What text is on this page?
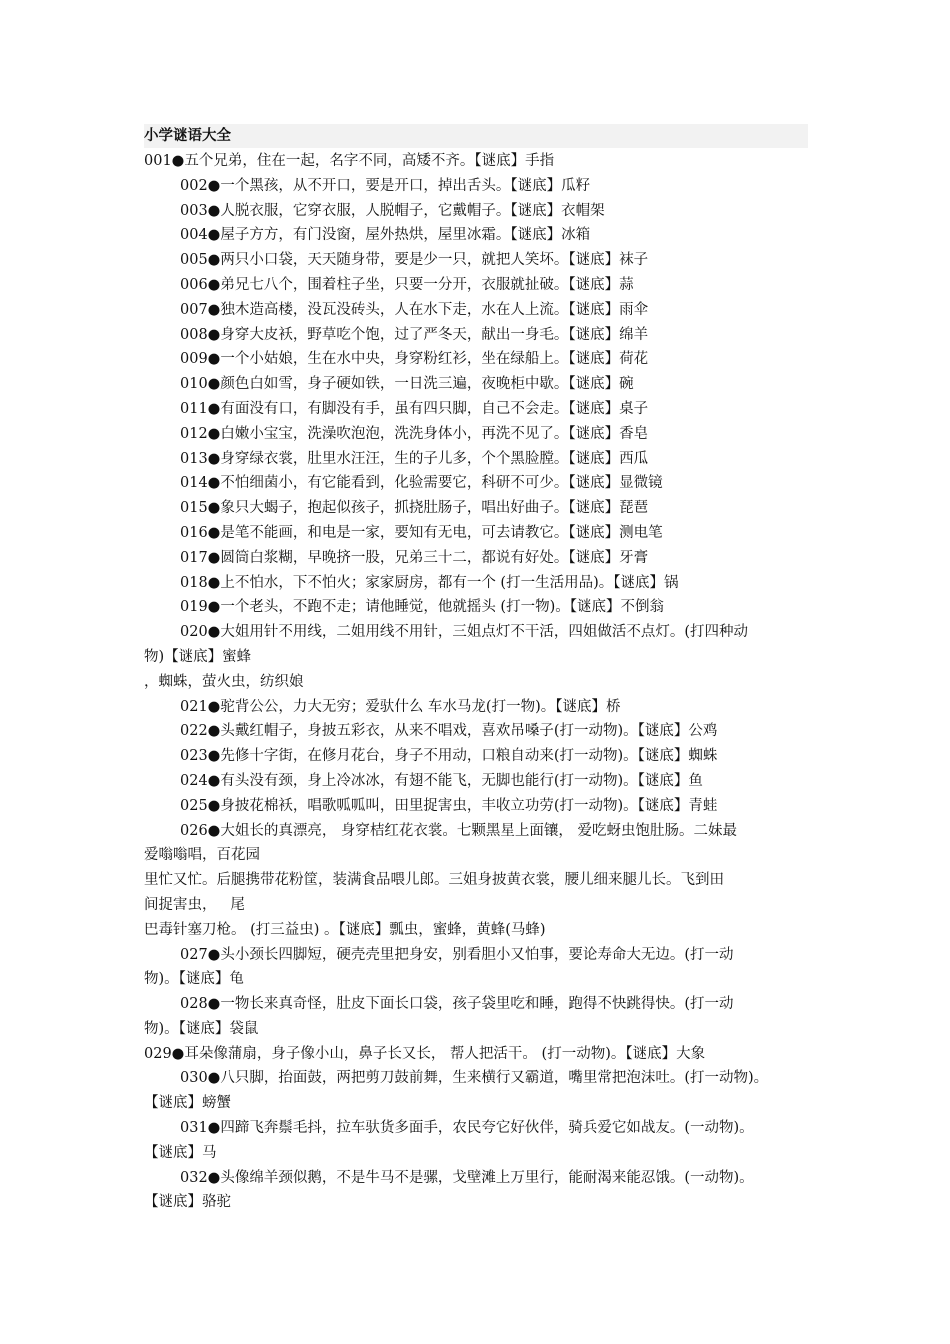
小学谜语大全
001●五个兄弟，住在一起，名字不同，高矮不齐。【谜底】手指
002●一个黑孩，从不开口，要是开口，掉出舌头。【谜底】瓜籽
003●人脱衣服，它穿衣服，人脱帽子，它戴帽子。【谜底】衣帽架
004●屋子方方，有门没窗，屋外热烘，屋里冰霜。【谜底】冰箱
005●两只小口袋，天天随身带，要是少一只，就把人笑坏。【谜底】袜子
006●弟兄七八个，围着柱子坐，只要一分开，衣服就扯破。【谜底】蒜
007●独木造高楼，没瓦没砖头，人在水下走，水在人上流。【谜底】雨伞
008●身穿大皮袄，野草吃个饱，过了严冬天，献出一身毛。【谜底】绵羊
009●一个小姑娘，生在水中央，身穿粉红衫，坐在绿船上。【谜底】荷花
010●颜色白如雪，身子硬如铁，一日洗三遍，夜晚柜中歇。【谜底】碗
011●有面没有口，有脚没有手，虽有四只脚，自己不会走。【谜底】桌子
012●白嫩小宝宝，洗澡吹泡泡，洗洗身体小，再洗不见了。【谜底】香皂
013●身穿绿衣裳，肚里水汪汪，生的子儿多，个个黑脸膛。【谜底】西瓜
014●不怕细菌小，有它能看到，化验需要它，科研不可少。【谜底】显微镜
015●象只大蝎子，抱起似孩子，抓挠肚肠子，唱出好曲子。【谜底】琵琶
016●是笔不能画，和电是一家，要知有无电，可去请教它。【谜底】测电笔
017●圆筒白浆糊，早晚挤一股，兄弟三十二，都说有好处。【谜底】牙膏
018●上不怕水，下不怕火；家家厨房，都有一个 (打一生活用品)。【谜底】锅
019●一个老头，不跑不走；请他睡觉，他就摇头 (打一物)。【谜底】不倒翁
020●大姐用针不用线，二姐用线不用针，三姐点灯不干活，四姐做活不点灯。(打四种动
物)【谜底】蜜蜂
，蜘蛛，萤火虫，纺织娘
021●驼背公公，力大无穷；爱驮什么 车水马龙(打一物)。【谜底】桥
022●头戴红帽子，身披五彩衣，从来不唱戏，喜欢吊嗓子(打一动物)。【谜底】公鸡
023●先修十字街，在修月花台，身子不用动，口粮自动来(打一动物)。【谜底】蜘蛛
024●有头没有颈，身上冷冰冰，有翅不能飞，无脚也能行(打一动物)。【谜底】鱼
025●身披花棉袄，唱歌呱呱叫，田里捉害虫，丰收立功劳(打一动物)。【谜底】青蛙
026●大姐长的真漂亮， 身穿桔红花衣裳。七颗黑星上面镶， 爱吃蚜虫饱肚肠。二妹最
爱嗡嗡唱，百花园
里忙又忙。后腿携带花粉筐，装满食品喂儿郎。三姐身披黄衣裳，腰儿细来腿儿长。飞到田
间捉害虫，   尾
巴毒针塞刀枪。 (打三益虫) 。【谜底】瓢虫，蜜蜂，黄蜂(马蜂)
027●头小颈长四脚短，硬壳壳里把身安，别看胆小又怕事，要论寿命大无边。(打一动
物)。【谜底】龟
028●一物长来真奇怪，肚皮下面长口袋，孩子袋里吃和睡，跑得不快跳得快。(打一动
物)。【谜底】袋鼠
029●耳朵像蒲扇，身子像小山，鼻子长又长， 帮人把活干。 (打一动物)。【谜底】大象
030●八只脚，抬面鼓，两把剪刀鼓前舞，生来横行又霸道，嘴里常把泡沫吐。(打一动物)。
【谜底】螃蟹
031●四蹄飞奔鬃毛抖，拉车驮货多面手，农民夸它好伙伴，骑兵爱它如战友。(一动物)。
【谜底】马
032●头像绵羊颈似鹅，不是牛马不是骡，戈壁滩上万里行，能耐渴来能忍饿。(一动物)。
【谜底】骆驼
